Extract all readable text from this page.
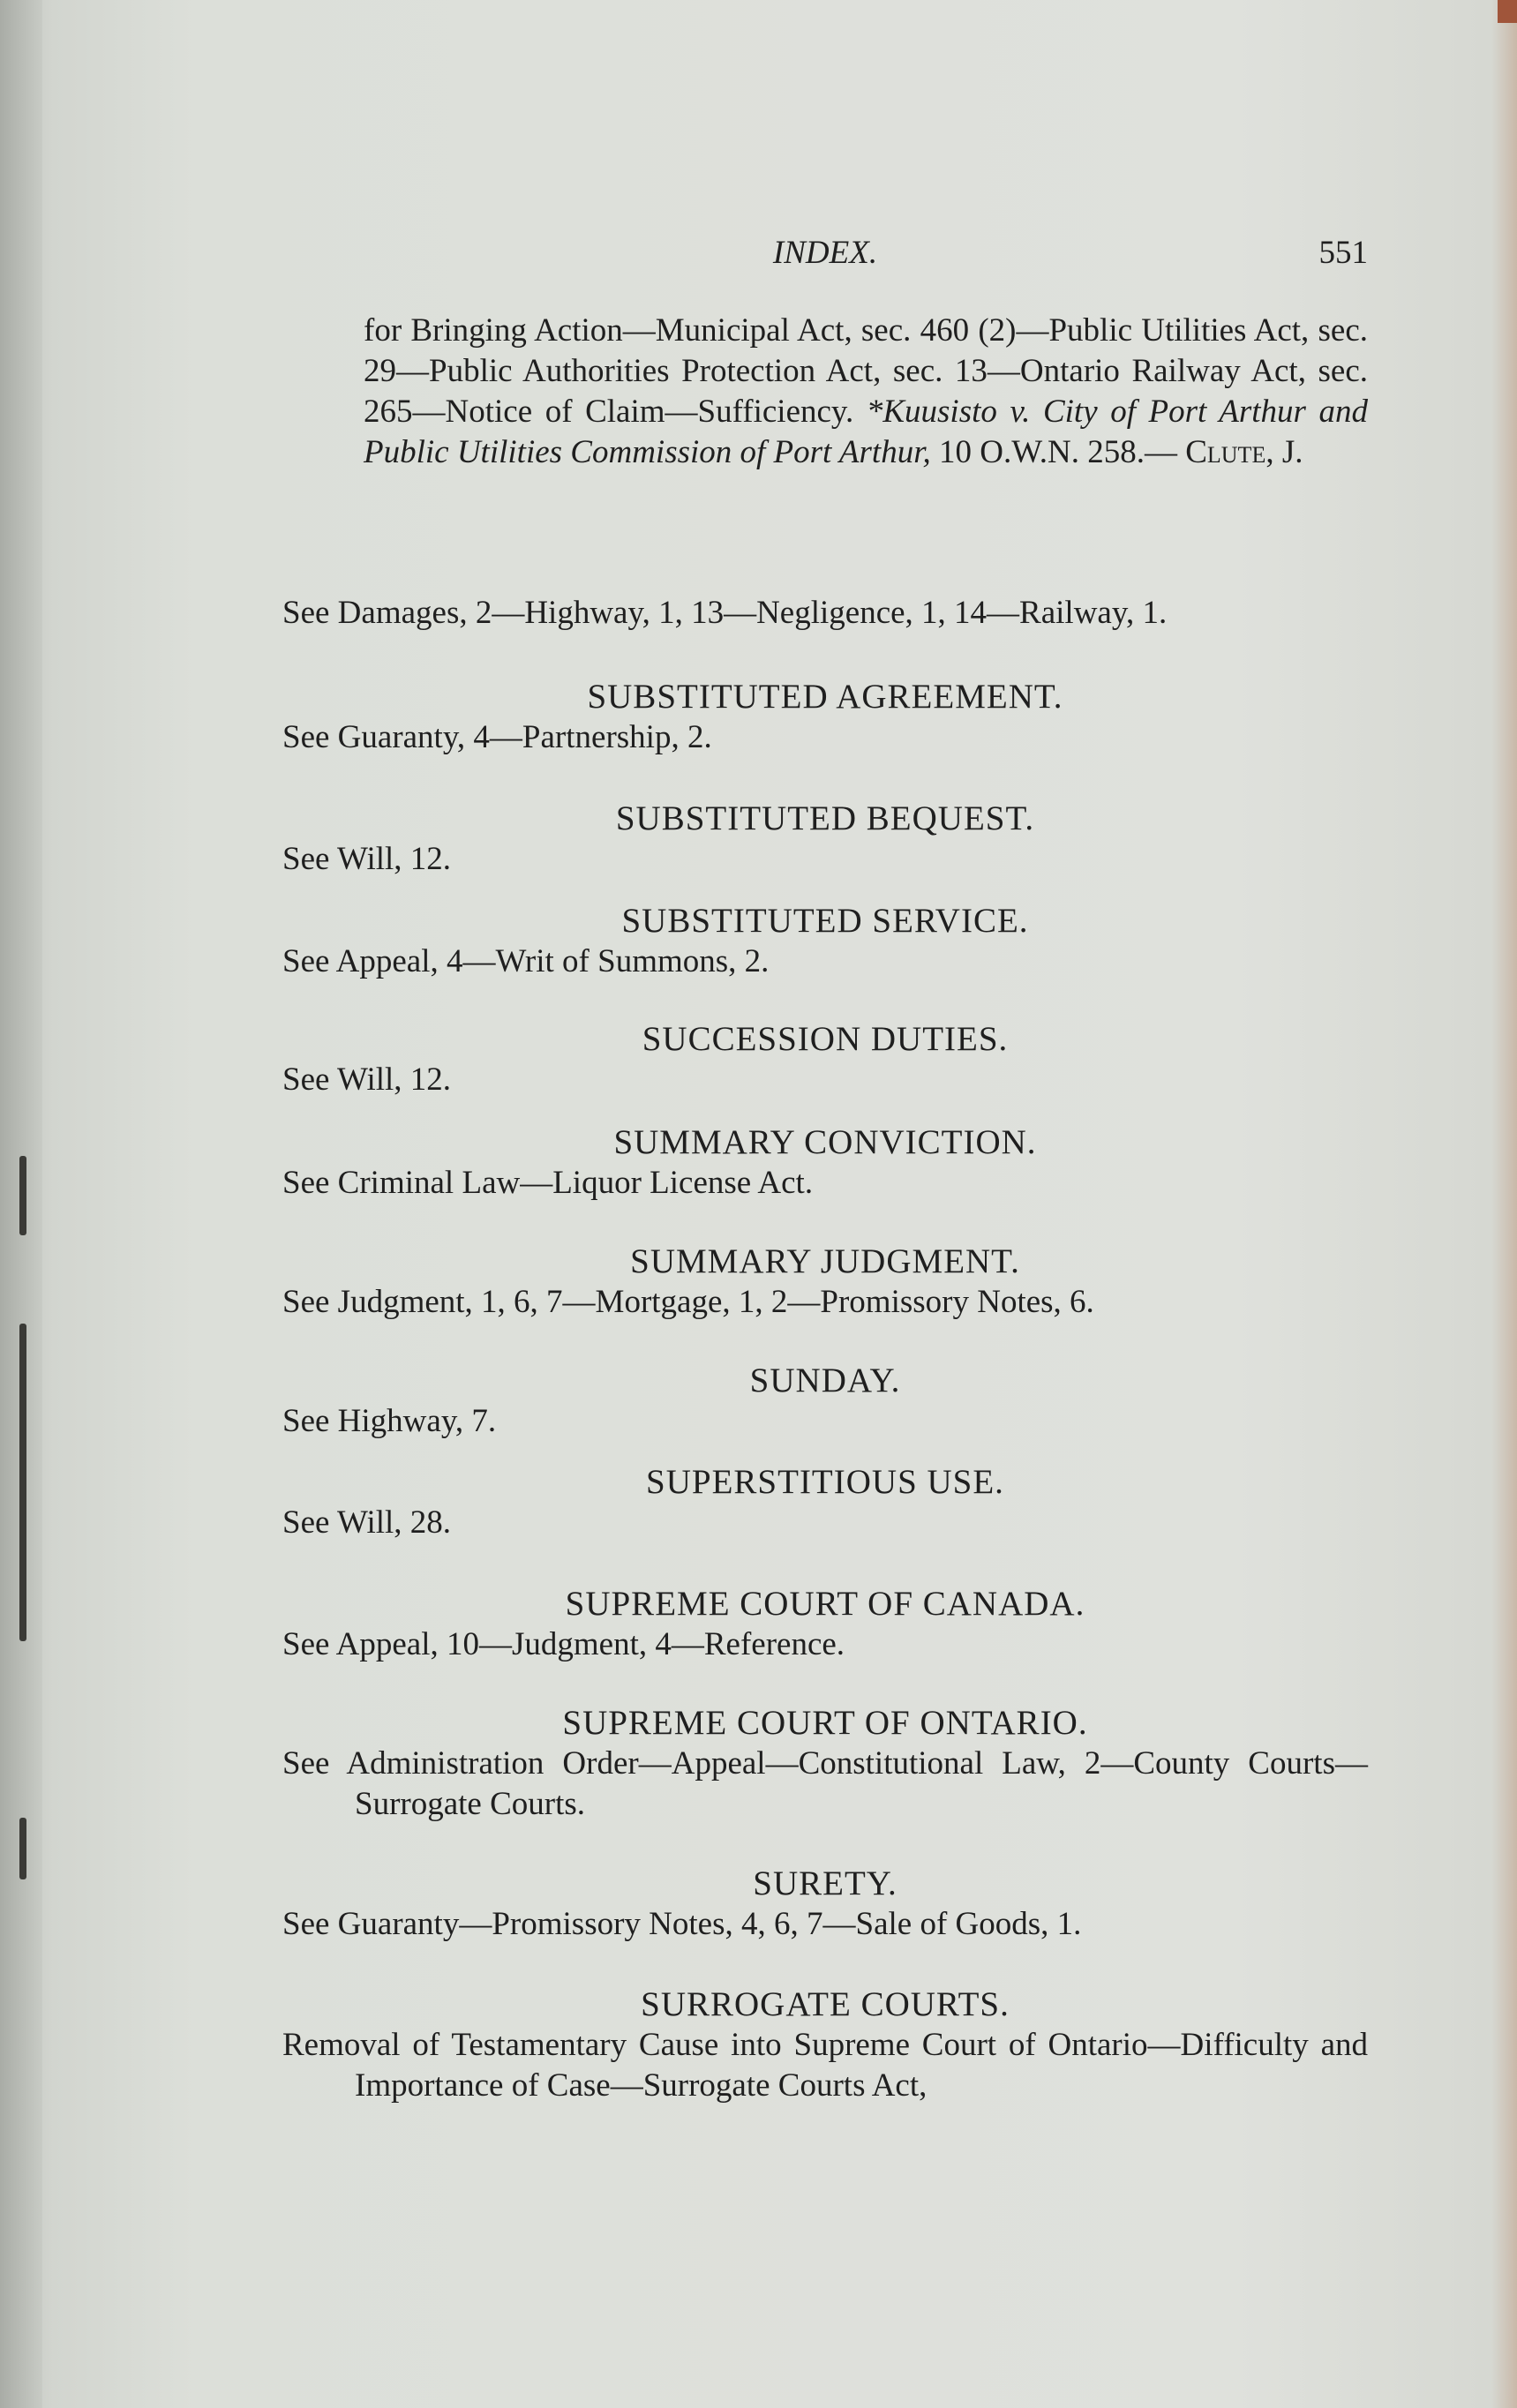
INDEX.	551

for Bringing Action—Municipal Act, sec. 460 (2)—Public Utilities Act, sec. 29—Public Authorities Protection Act, sec. 13—Ontario Railway Act, sec. 265—Notice of Claim—Sufficiency. *Kuusisto v. City of Port Arthur and Public Utilities Commission of Port Arthur, 10 O.W.N. 258.— Clute, J.

See Damages, 2—Highway, 1, 13—Negligence, 1, 14—Railway, 1.

SUBSTITUTED AGREEMENT.

See Guaranty, 4—Partnership, 2.

SUBSTITUTED BEQUEST.

See Will, 12.

SUBSTITUTED SERVICE.

See Appeal, 4—Writ of Summons, 2.

SUCCESSION DUTIES.

See Will, 12.

SUMMARY CONVICTION.

See Criminal Law—Liquor License Act.

SUMMARY JUDGMENT.

See Judgment, 1, 6, 7—Mortgage, 1, 2—Promissory Notes, 6.

SUNDAY.

See Highway, 7.

SUPERSTITIOUS USE.

See Will, 28.

SUPREME COURT OF CANADA.

See Appeal, 10—Judgment, 4—Reference.

SUPREME COURT OF ONTARIO.

See Administration Order—Appeal—Constitutional Law, 2—County Courts—Surrogate Courts.

SURETY.

See Guaranty—Promissory Notes, 4, 6, 7—Sale of Goods, 1.

SURROGATE COURTS.

Removal of Testamentary Cause into Supreme Court of Ontario—Difficulty and Importance of Case—Surrogate Courts Act,
